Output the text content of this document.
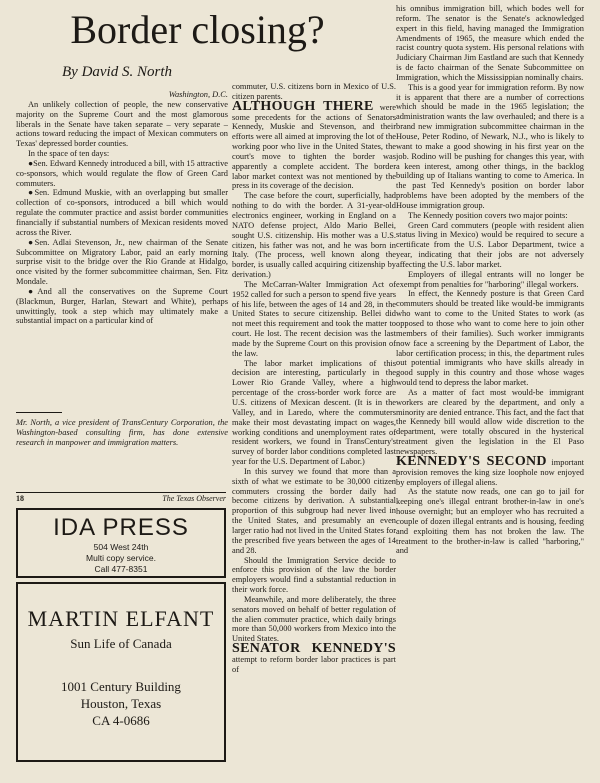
Border closing?

By David S. North

Washington, D.C.

An unlikely collection of people, the new conservative majority on the Supreme Court and the most glamorous liberals in the Senate have taken separate – very separate – actions toward reducing the impact of Mexican commuters on Texas' depressed border counties.

In the space of ten days:

●Sen. Edward Kennedy introduced a bill, with 15 attractive co-sponsors, which would regulate the flow of Green Card commuters.

●Sen. Edmund Muskie, with an overlapping but smaller collection of co-sponsors, introduced a bill which would regulate the commuter practice and assist border communities financially if substantial numbers of Mexican residents moved across the River.

●Sen. Adlai Stevenson, Jr., new chairman of the Senate Subcommittee on Migratory Labor, paid an early morning surprise visit to the bridge over the Rio Grande at Hidalgo, once visited by the former subcommittee chairman, Sen. Fitz Mondale.

●And all the conservatives on the Supreme Court (Blackmun, Burger, Harlan, Stewart and White), perhaps unwittingly, took a step which may ultimately make a substantial impact on a particular kind of

Mr. North, a vice president of TransCentury Corporation, the Washington-based consulting firm, has done extensive research in manpower and immigration matters.

18	The Texas Observer
IDA PRESS
504 West 24th
Multi copy service.
Call 477-8351
MARTIN ELFANT
Sun Life of Canada
1001 Century Building
Houston, Texas
CA 4-0686

commuter, U.S. citizens born in Mexico of U.S. citizen parents.

ALTHOUGH THERE were some precedents for the actions of Senators Kennedy, Muskie and Stevenson, and their efforts were all aimed at improving the lot of the working poor who live in the United States, the court's move to tighten the border was apparently a complete accident. The border labor market context was not mentioned by the press in its coverage of the decision.

The case before the court, superficially, had nothing to do with the border. A 31-year-old electronics engineer, working in England on a NATO defense project, Aldo Mario Bellei, sought U.S. citizenship. His mother was a U.S. citizen, his father was not, and he was born in Italy. (The process, well known along the border, is usually called acquiring citizenship by derivation.)

The McCarran-Walter Immigration Act of 1952 called for such a person to spend five years of his life, between the ages of 14 and 28, in the United States to secure citizenship. Bellei did not meet this requirement and took the matter to court. He lost. The recent decision was the last made by the Supreme Court on this provision of the law.

The labor market implications of this decision are interesting, particularly in the Lower Rio Grande Valley, where a high percentage of the cross-border work force are U.S. citizens of Mexican descent. (It is in the Valley, and in Laredo, where the commuters make their most devastating impact on wages, working conditions and unemployment rates of resident workers, we found in TransCentury's survey of border labor conditions completed last year for the U.S. Department of Labor.)

In this survey we found that more than a sixth of what we estimate to be 30,000 citizen commuters crossing the border daily had become citizens by derivation. A substantial proportion of this subgroup had never lived in the United States, and presumably an even larger ratio had not lived in the United States for the prescribed five years between the ages of 14 and 28.

Should the Immigration Service decide to enforce this provision of the law the border employers would find a substantial reduction in their work force.

Meanwhile, and more deliberately, the three senators moved on behalf of better regulation of the alien commuter practice, which daily brings more than 50,000 workers from Mexico into the United States.

SENATOR KENNEDY'S attempt to reform border labor practices is part of

his omnibus immigration bill, which bodes well for reform. The senator is the Senate's acknowledged expert in this field, having managed the Immigration Amendments of 1965, the measure which ended the racist country quota system. His personal relations with Judiciary Chairman Jim Eastland are such that Kennedy is de facto chairman of the Senate Subcommittee on Immigration, which the Mississippian nominally chairs.

This is a good year for immigration reform. By now it is apparent that there are a number of corrections which should be made in the 1965 legislation; the administration wants the law overhauled; and there is a brand new immigration subcommittee chairman in the House, Peter Rodino, of Newark, N.J., who is likely to want to make a good showing in his first year on the job. Rodino will be pushing for changes this year, with a keen interest, among other things, in the backlog building up of Italians wanting to come to America. In the past Ted Kennedy's position on border labor problems have been adopted by the members of the House immigration group.

The Kennedy position covers two major points:

Green Card commuters (people with resident alien status living in Mexico) would be required to secure a certificate from the U.S. Labor Department, twice a year, indicating that their jobs are not adversely affecting the U.S. labor market.

Employers of illegal entrants will no longer be exempt from penalties for "harboring" illegal workers.

In effect, the Kennedy posture is that Green Card commuters should be treated like would-be immigrants who want to come to the United States to work (as opposed to those who want to come here to join other members of their families). Such worker immigrants now face a screening by the Department of Labor, the labor certification process; in this, the department rules out potential immigrants who have skills already in good supply in this country and those whose wages would tend to depress the labor market.

As a matter of fact most would-be immigrant workers are cleared by the department, and only a minority are denied entrance. This fact, and the fact that the Kennedy bill would allow wide discretion to the department, were totally obscured in the hysterical treatment given the legislation in the El Paso newspapers.

KENNEDY'S SECOND important provision removes the king size loophole now enjoyed by employers of illegal aliens.

As the statute now reads, one can go to jail for keeping one's illegal entrant brother-in-law in one's house overnight; but an employer who has recruited a couple of dozen illegal entrants and is housing, feeding and exploiting them has not broken the law. The treatment to the brother-in-law is called "harboring," and
